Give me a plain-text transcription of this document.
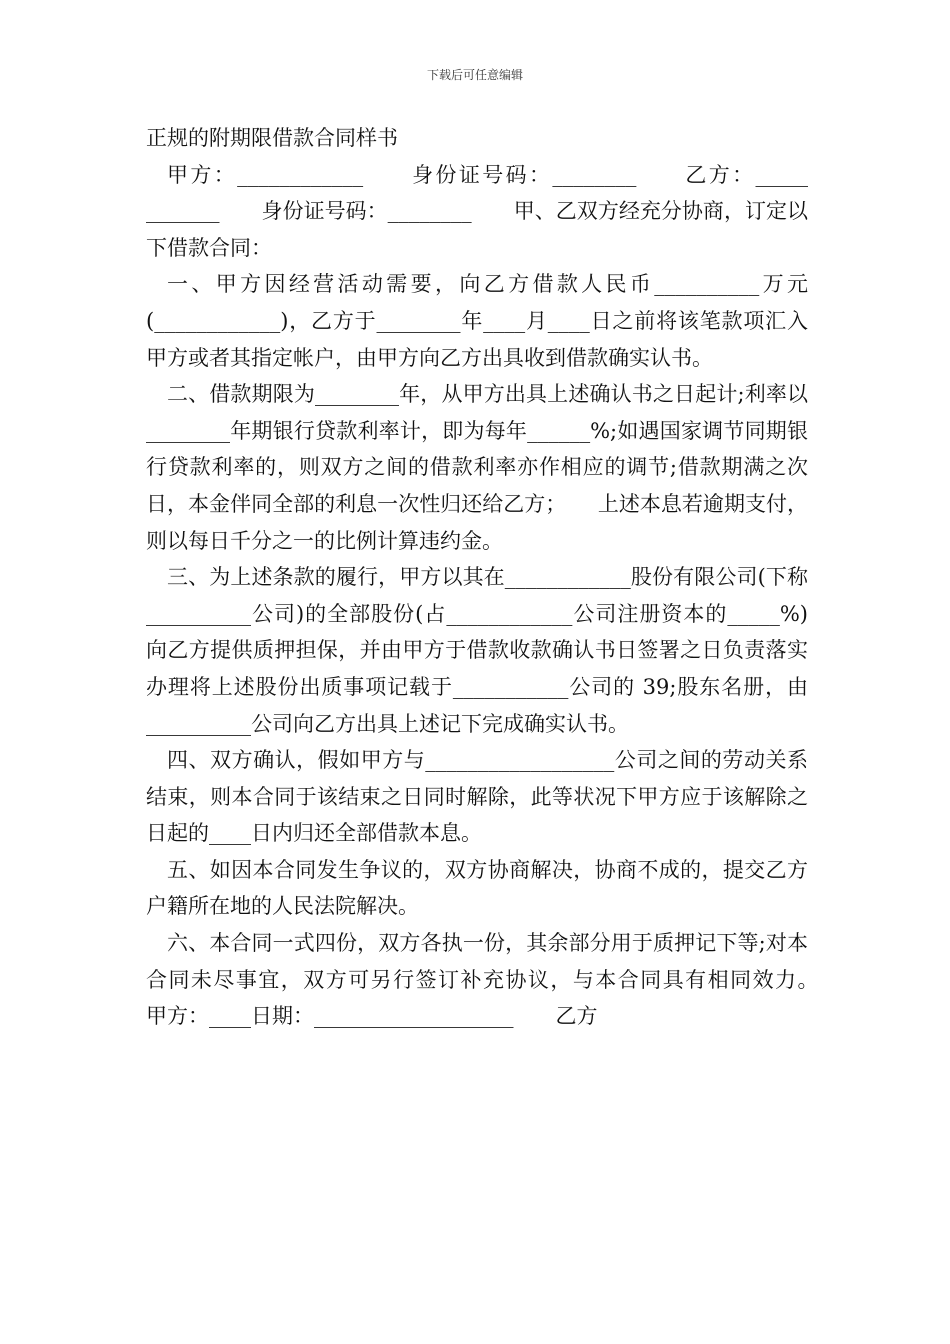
下载后可任意编辑

正规的附期限借款合同样书

甲方：____________　　身份证号码：________　　乙方：_____ _______　　身份证号码：________　　甲、乙双方经充分协商，订定以下借款合同：

一、甲方因经营活动需要，向乙方借款人民币__________万元(____________)，乙方于________年____月____日之前将该笔款项汇入甲方或者其指定帐户，由甲方向乙方出具收到借款确实认书。

二、借款期限为________年，从甲方出具上述确认书之日起计;利率以________年期银行贷款利率计，即为每年______%;如遇国家调节同期银行贷款利率的，则双方之间的借款利率亦作相应的调节;借款期满之次日，本金伴同全部的利息一次性归还给乙方；　　上述本息若逾期支付，则以每日千分之一的比例计算违约金。

三、为上述条款的履行，甲方以其在____________股份有限公司(下称 __________公司)的全部股份(占____________公司注册资本的_____%)向乙方提供质押担保，并由甲方于借款收款确认书日签署之日负责落实办理将上述股份出质事项记载于___________公司的 39;股东名册，由 __________公司向乙方出具上述记下完成确实认书。

四、双方确认，假如甲方与__________________公司之间的劳动关系结束，则本合同于该结束之日同时解除，此等状况下甲方应于该解除之日起的____日内归还全部借款本息。

五、如因本合同发生争议的，双方协商解决，协商不成的，提交乙方户籍所在地的人民法院解决。

六、本合同一式四份，双方各执一份，其余部分用于质押记下等;对本合同未尽事宜，双方可另行签订补充协议，与本合同具有相同效力。　　甲方：____日期：___________________　　乙方
